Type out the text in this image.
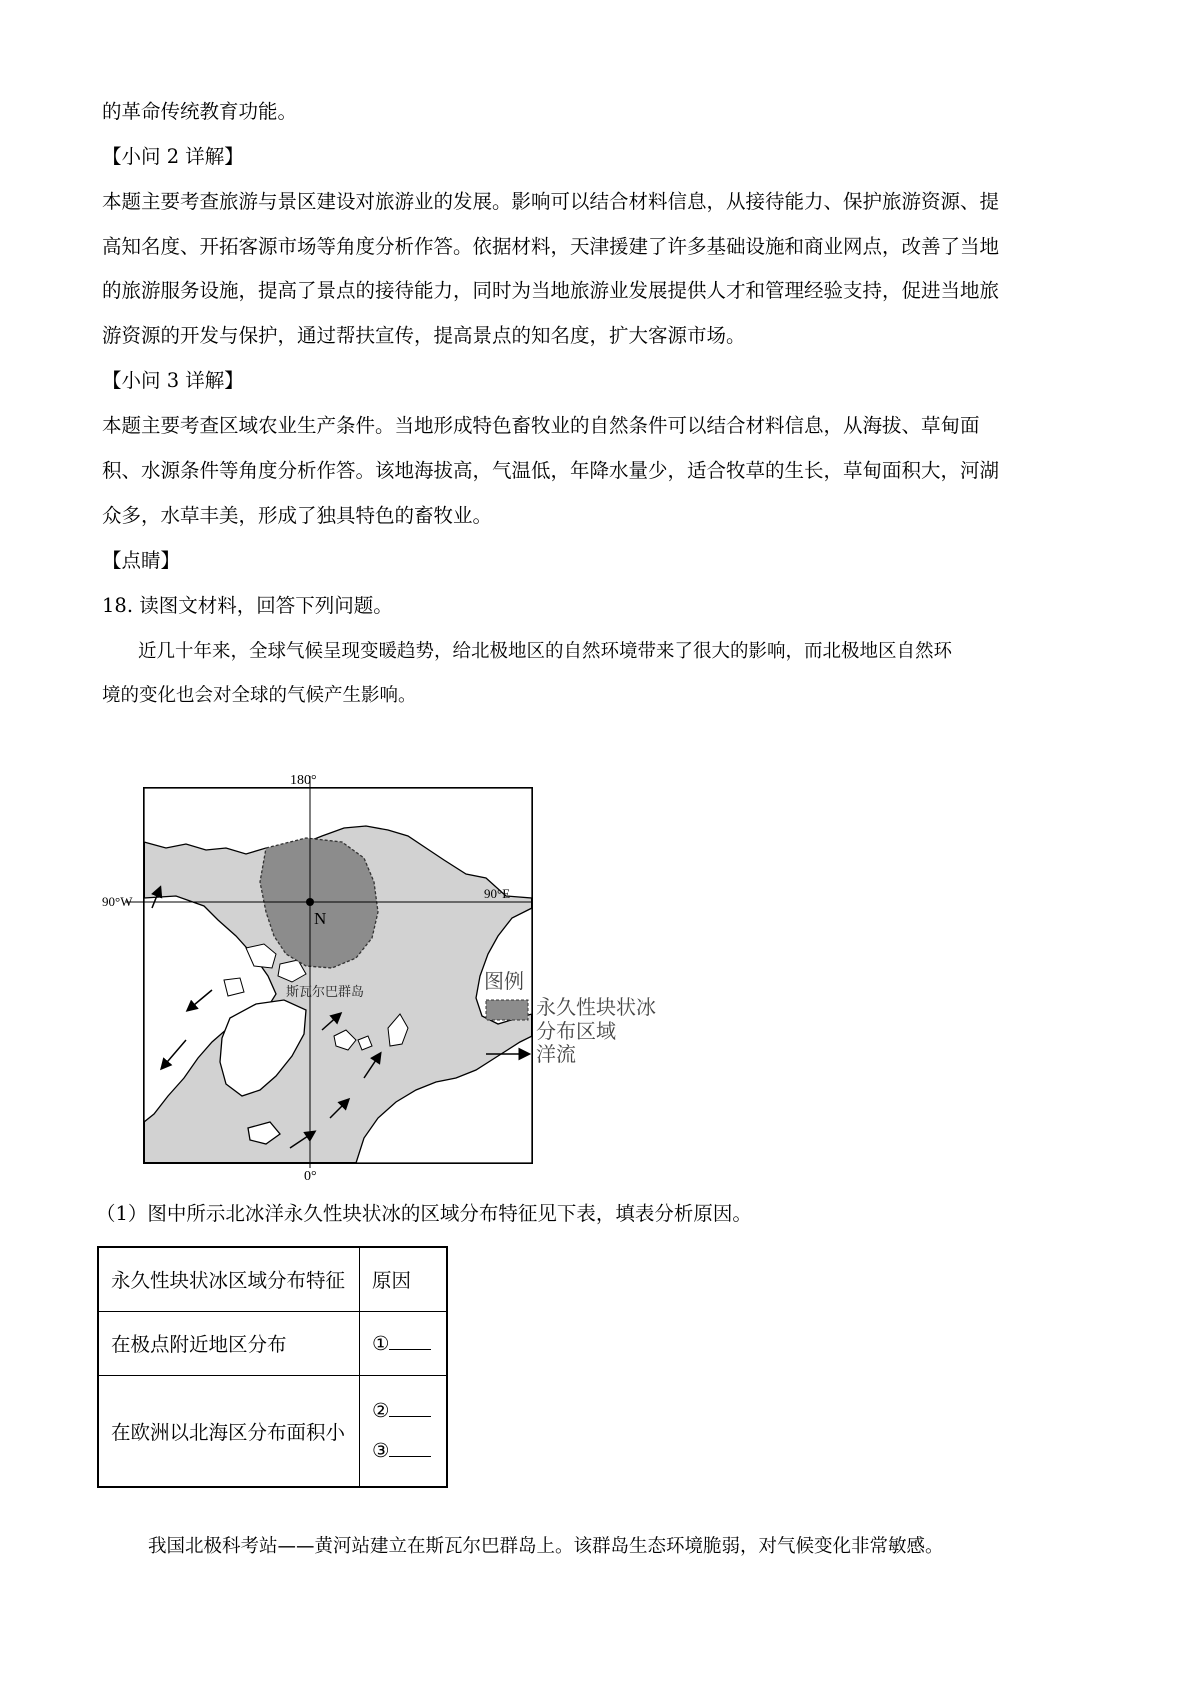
的革命传统教育功能。
【小问 2 详解】
本题主要考查旅游与景区建设对旅游业的发展。影响可以结合材料信息，从接待能力、保护旅游资源、提
高知名度、开拓客源市场等角度分析作答。依据材料，天津援建了许多基础设施和商业网点，改善了当地
的旅游服务设施，提高了景点的接待能力，同时为当地旅游业发展提供人才和管理经验支持，促进当地旅
游资源的开发与保护，通过帮扶宣传，提高景点的知名度，扩大客源市场。
【小问 3 详解】
本题主要考查区域农业生产条件。当地形成特色畜牧业的自然条件可以结合材料信息，从海拔、草甸面
积、水源条件等角度分析作答。该地海拔高，气温低，年降水量少，适合牧草的生长，草甸面积大，河湖
众多，水草丰美，形成了独具特色的畜牧业。
【点睛】
18. 读图文材料，回答下列问题。
近几十年来，全球气候呈现变暖趋势，给北极地区的自然环境带来了很大的影响，而北极地区自然环
境的变化也会对全球的气候产生影响。
180°
0°
90°W
90°E
N
斯瓦尔巴群岛	图例
永久性块状冰
分布区域
洋流
（1）图中所示北冰洋永久性块状冰的区域分布特征见下表，填表分析原因。
永久性块状冰区域分布特征	原因
在极点附近地区分布	①
在欧洲以北海区分布面积小	②
③
我国北极科考站——黄河站建立在斯瓦尔巴群岛上。该群岛生态环境脆弱，对气候变化非常敏感。
